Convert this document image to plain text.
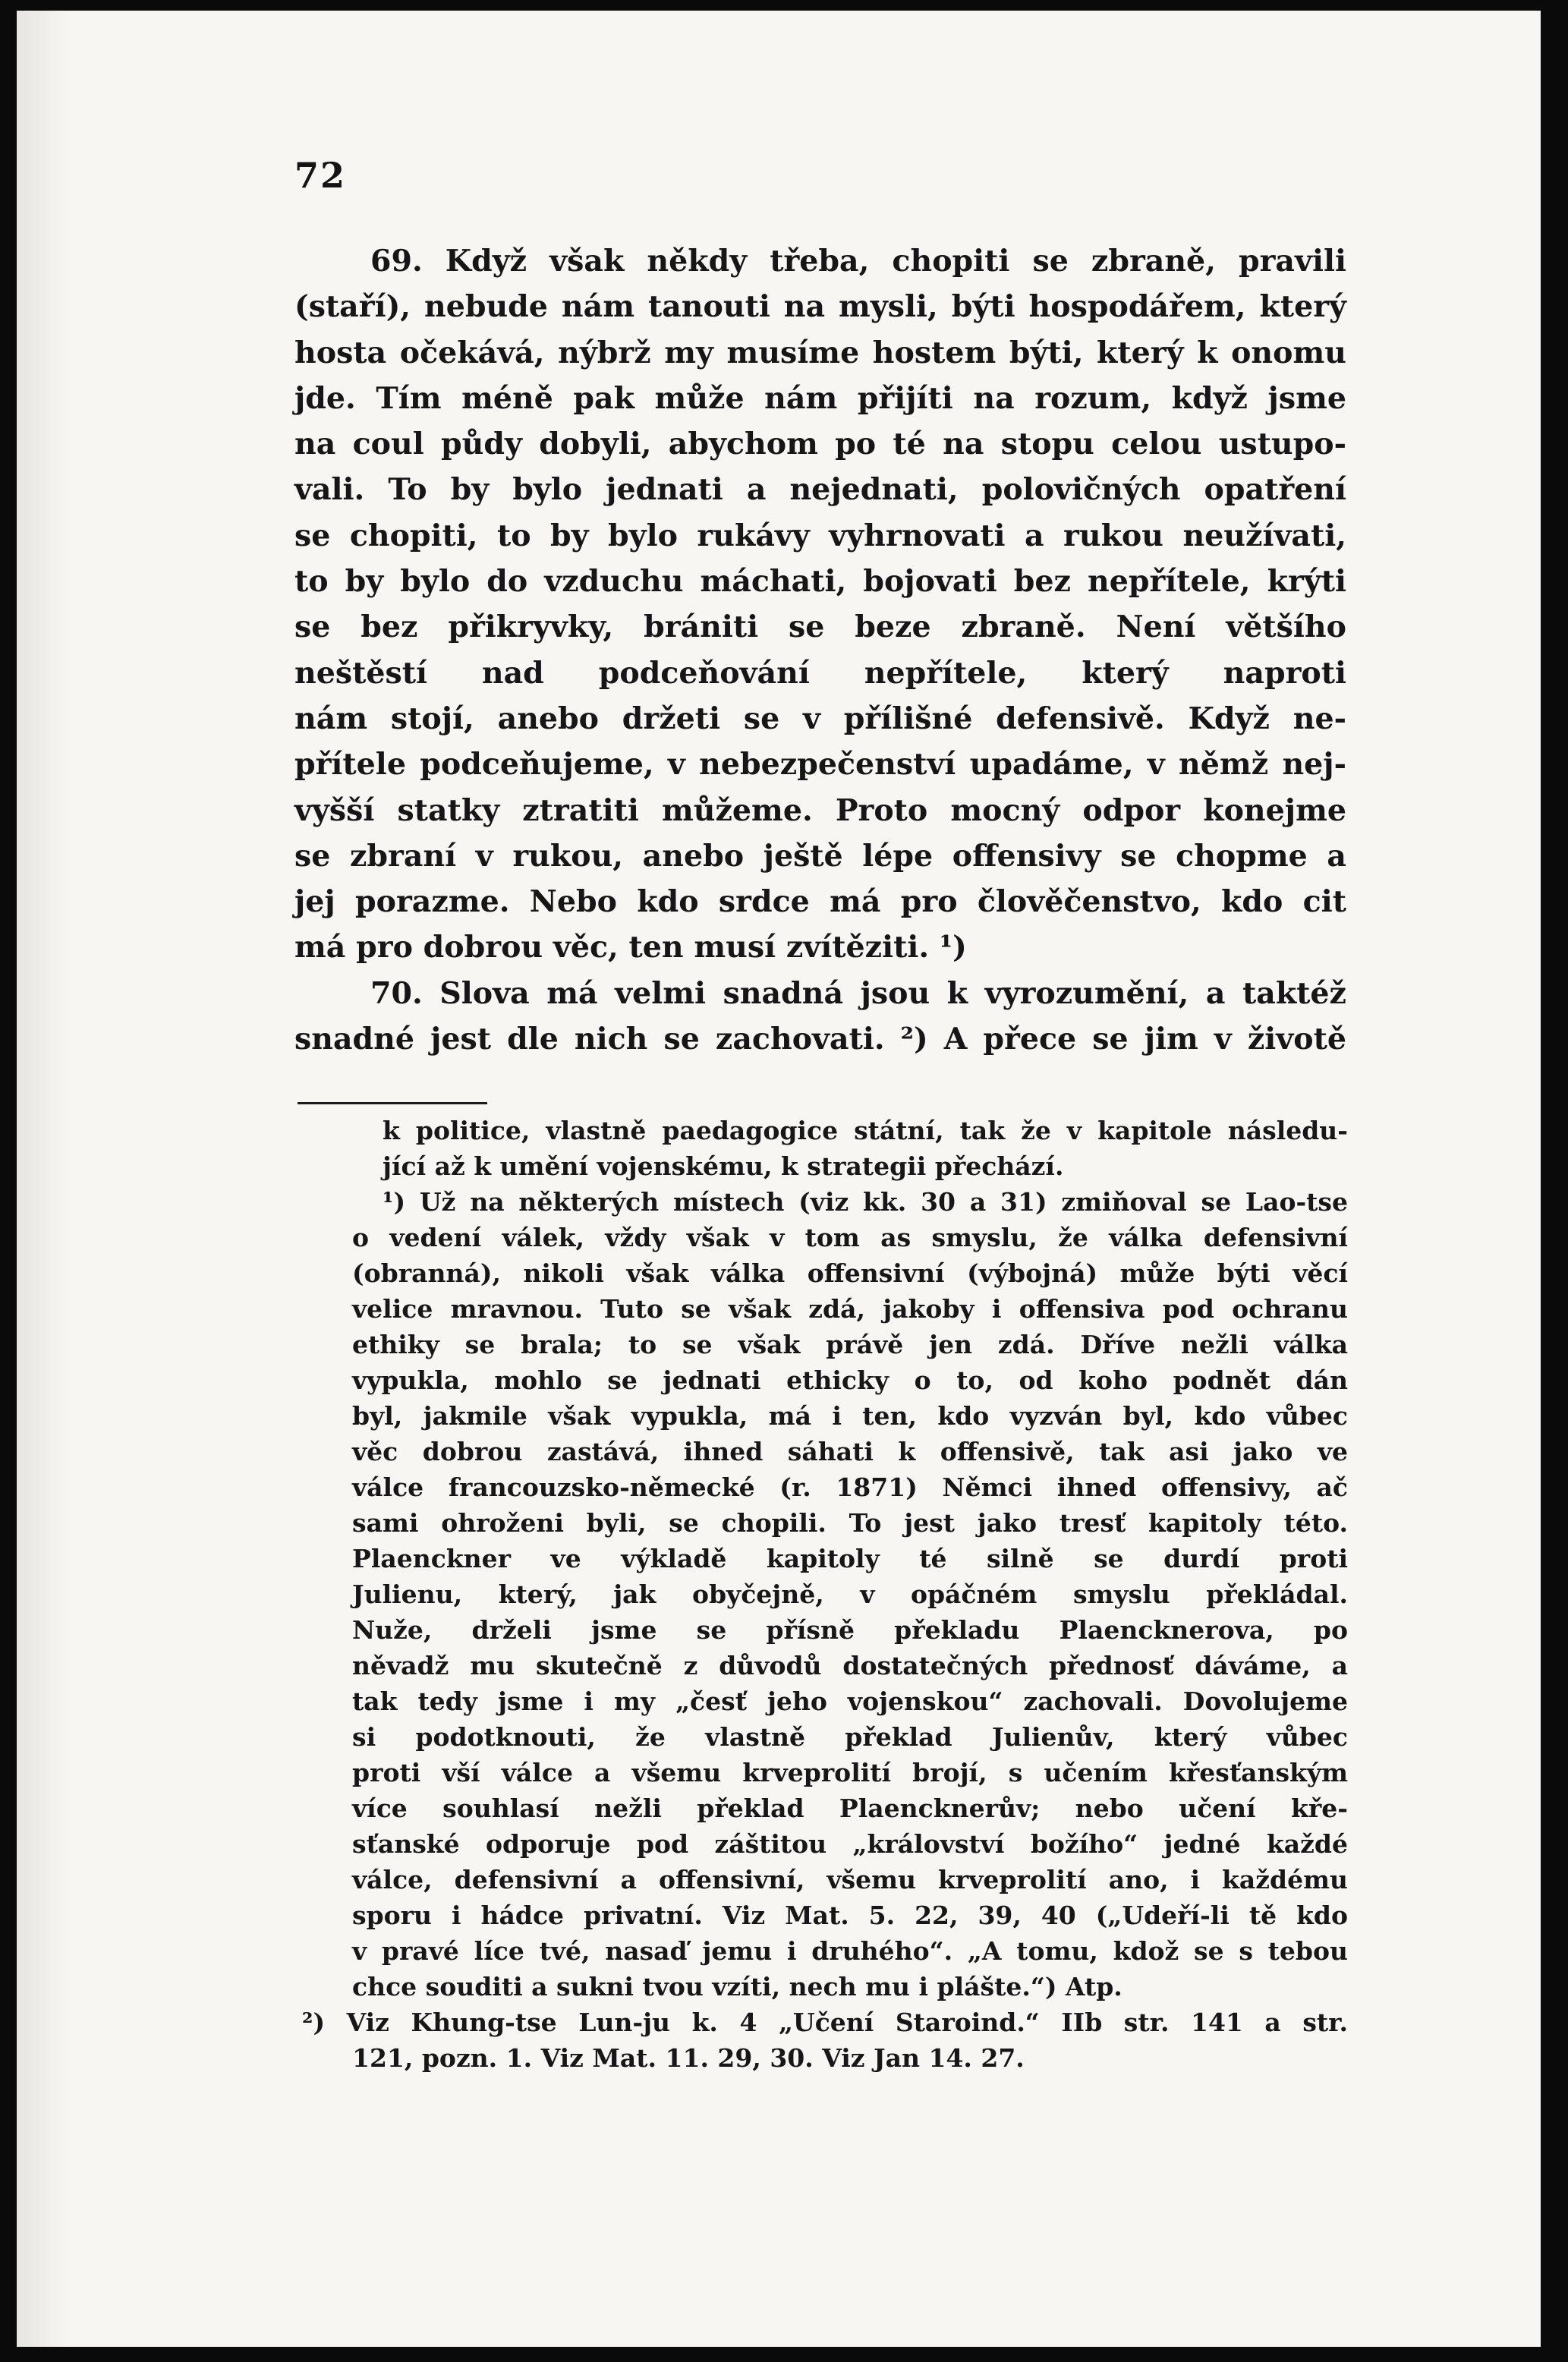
72
69. Když však někdy třeba, chopiti se zbraně, pravili
(staří), nebude nám tanouti na mysli, býti hospodářem, který
hosta očekává, nýbrž my musíme hostem býti, který k onomu
jde. Tím méně pak může nám přijíti na rozum, když jsme
na coul půdy dobyli, abychom po té na stopu celou ustupo-
vali. To by bylo jednati a nejednati, polovičných opatření
se chopiti, to by bylo rukávy vyhrnovati a rukou neužívati,
to by bylo do vzduchu máchati, bojovati bez nepřítele, krýti
se bez přikryvky, brániti se beze zbraně. Není většího
neštěstí nad podceňování nepřítele, který naproti
nám stojí, anebo držeti se v přílišné defensivě. Když ne-
přítele podceňujeme, v nebezpečenství upadáme, v němž nej-
vyšší statky ztratiti můžeme. Proto mocný odpor konejme
se zbraní v rukou, anebo ještě lépe offensivy se chopme a
jej porazme. Nebo kdo srdce má pro člověčenstvo, kdo cit
má pro dobrou věc, ten musí zvítěziti. ¹)
70. Slova má velmi snadná jsou k vyrozumění, a taktéž
snadné jest dle nich se zachovati. ²) A přece se jim v životě
k politice, vlastně paedagogice státní, tak že v kapitole následu-
jící až k umění vojenskému, k strategii přechází.
¹) Už na některých místech (viz kk. 30 a 31) zmiňoval se Lao-tse
o vedení válek, vždy však v tom as smyslu, že válka defensivní
(obranná), nikoli však válka offensivní (výbojná) může býti věcí
velice mravnou. Tuto se však zdá, jakoby i offensiva pod ochranu
ethiky se brala; to se však právě jen zdá. Dříve nežli válka
vypukla, mohlo se jednati ethicky o to, od koho podnět dán
byl, jakmile však vypukla, má i ten, kdo vyzván byl, kdo vůbec
věc dobrou zastává, ihned sáhati k offensivě, tak asi jako ve
válce francouzsko-německé (r. 1871) Němci ihned offensivy, ač
sami ohroženi byli, se chopili. To jest jako tresť kapitoly této.
Plaenckner ve výkladě kapitoly té silně se durdí proti
Julienu, který, jak obyčejně, v opáčném smyslu překládal.
Nuže, drželi jsme se přísně překladu Plaencknerova, po
něvadž mu skutečně z důvodů dostatečných přednosť dáváme, a
tak tedy jsme i my „česť jeho vojenskou“ zachovali. Dovolujeme
si podotknouti, že vlastně překlad Julienův, který vůbec
proti vší válce a všemu krveprolití brojí, s učením křesťanským
více souhlasí nežli překlad Plaencknerův; nebo učení kře-
sťanské odporuje pod záštitou „království božího“ jedné každé
válce, defensivní a offensivní, všemu krveprolití ano, i každému
sporu i hádce privatní. Viz Mat. 5. 22, 39, 40 („Udeří-li tě kdo
v pravé líce tvé, nasaď jemu i druhého“. „A tomu, kdož se s tebou
chce souditi a sukni tvou vzíti, nech mu i plášte.“) Atp.
²) Viz Khung-tse Lun-ju k. 4 „Učení Staroind.“ IIb str. 141 a str.
121, pozn. 1. Viz Mat. 11. 29, 30. Viz Jan 14. 27.
